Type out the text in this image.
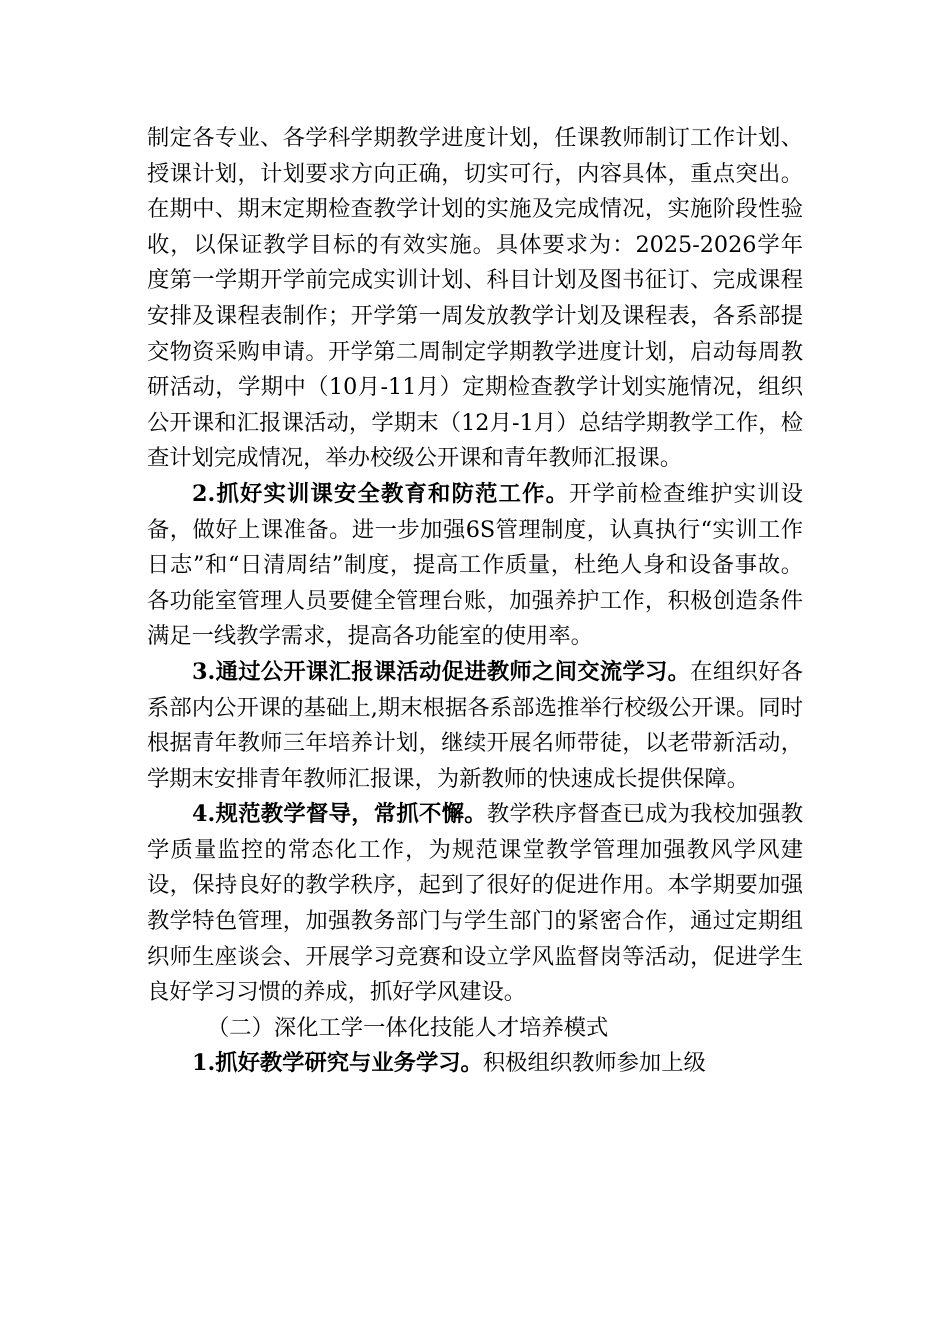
制定各专业、各学科学期教学进度计划，任课教师制订工作计划、授课计划，计划要求方向正确，切实可行，内容具体，重点突出。在期中、期末定期检查教学计划的实施及完成情况，实施阶段性验收，以保证教学目标的有效实施。具体要求为：2025-2026学年度第一学期开学前完成实训计划、科目计划及图书征订、完成课程安排及课程表制作；开学第一周发放教学计划及课程表，各系部提交物资采购申请。开学第二周制定学期教学进度计划，启动每周教研活动，学期中（10月-11月）定期检查教学计划实施情况，组织公开课和汇报课活动，学期末（12月-1月）总结学期教学工作，检查计划完成情况，举办校级公开课和青年教师汇报课。

2.抓好实训课安全教育和防范工作。开学前检查维护实训设备，做好上课准备。进一步加强6S管理制度，认真执行“实训工作日志”和“日清周结”制度，提高工作质量，杜绝人身和设备事故。各功能室管理人员要健全管理台账，加强养护工作，积极创造条件满足一线教学需求，提高各功能室的使用率。

3.通过公开课汇报课活动促进教师之间交流学习。在组织好各系部内公开课的基础上,期末根据各系部选推举行校级公开课。同时根据青年教师三年培养计划，继续开展名师带徒，以老带新活动，学期末安排青年教师汇报课，为新教师的快速成长提供保障。

4.规范教学督导，常抓不懈。教学秩序督查已成为我校加强教学质量监控的常态化工作，为规范课堂教学管理加强教风学风建设，保持良好的教学秩序，起到了很好的促进作用。本学期要加强教学特色管理，加强教务部门与学生部门的紧密合作，通过定期组织师生座谈会、开展学习竞赛和设立学风监督岗等活动，促进学生良好学习习惯的养成，抓好学风建设。

（二）深化工学一体化技能人才培养模式

1.抓好教学研究与业务学习。积极组织教师参加上级
